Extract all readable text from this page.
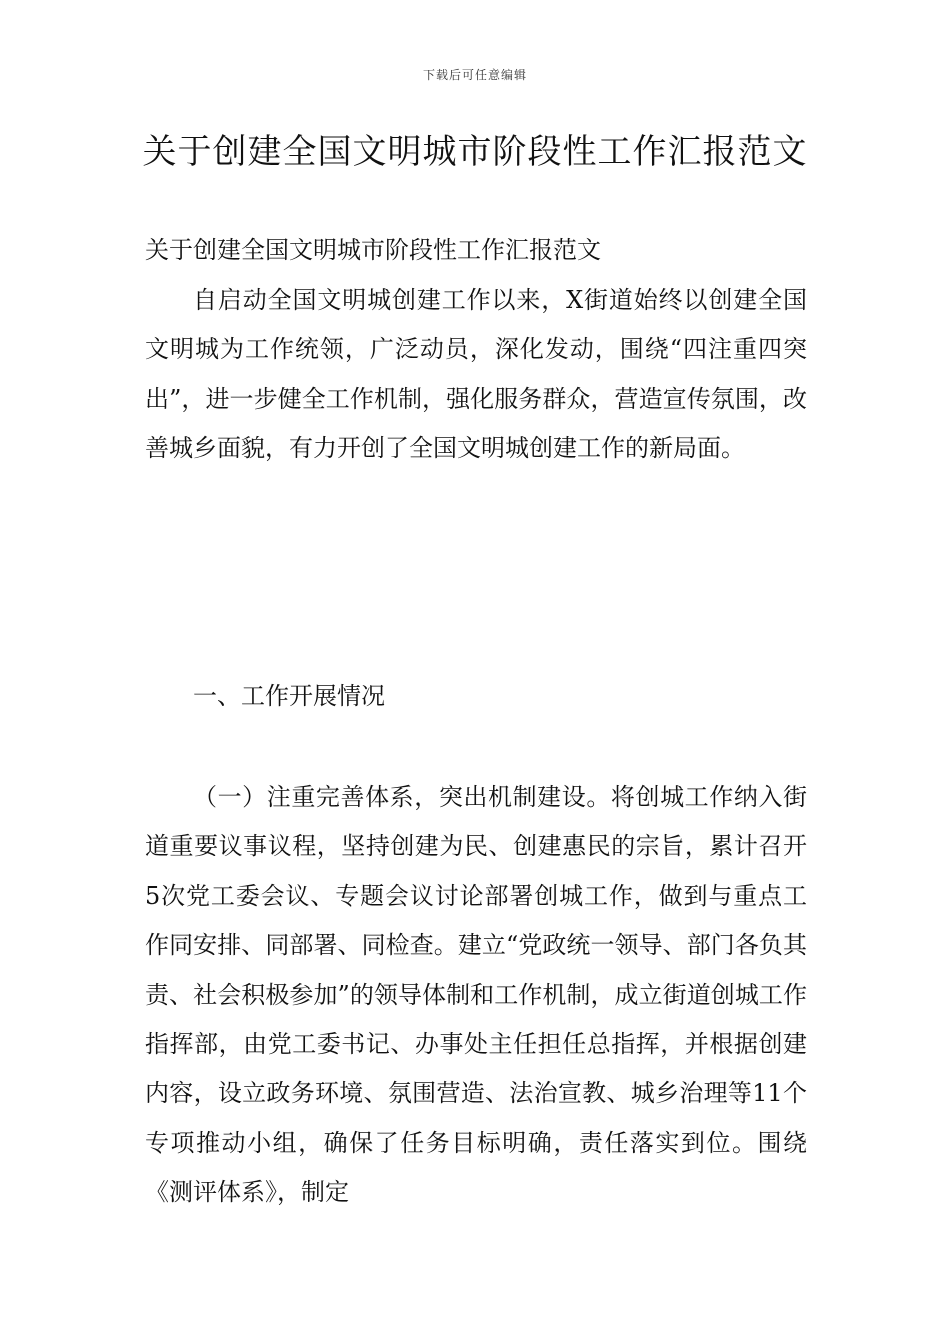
下载后可任意编辑
关于创建全国文明城市阶段性工作汇报范文

关于创建全国文明城市阶段性工作汇报范文

自启动全国文明城创建工作以来，X街道始终以创建全国文明城为工作统领，广泛动员，深化发动，围绕“四注重四突出”，进一步健全工作机制，强化服务群众，营造宣传氛围，改善城乡面貌，有力开创了全国文明城创建工作的新局面。

一、工作开展情况

（一）注重完善体系，突出机制建设。将创城工作纳入街道重要议事议程，坚持创建为民、创建惠民的宗旨，累计召开5次党工委会议、专题会议讨论部署创城工作，做到与重点工作同安排、同部署、同检查。建立“党政统一领导、部门各负其责、社会积极参加”的领导体制和工作机制，成立街道创城工作指挥部，由党工委书记、办事处主任担任总指挥，并根据创建内容，设立政务环境、氛围营造、法治宣教、城乡治理等11个专项推动小组，确保了任务目标明确，责任落实到位。围绕《测评体系》，制定
